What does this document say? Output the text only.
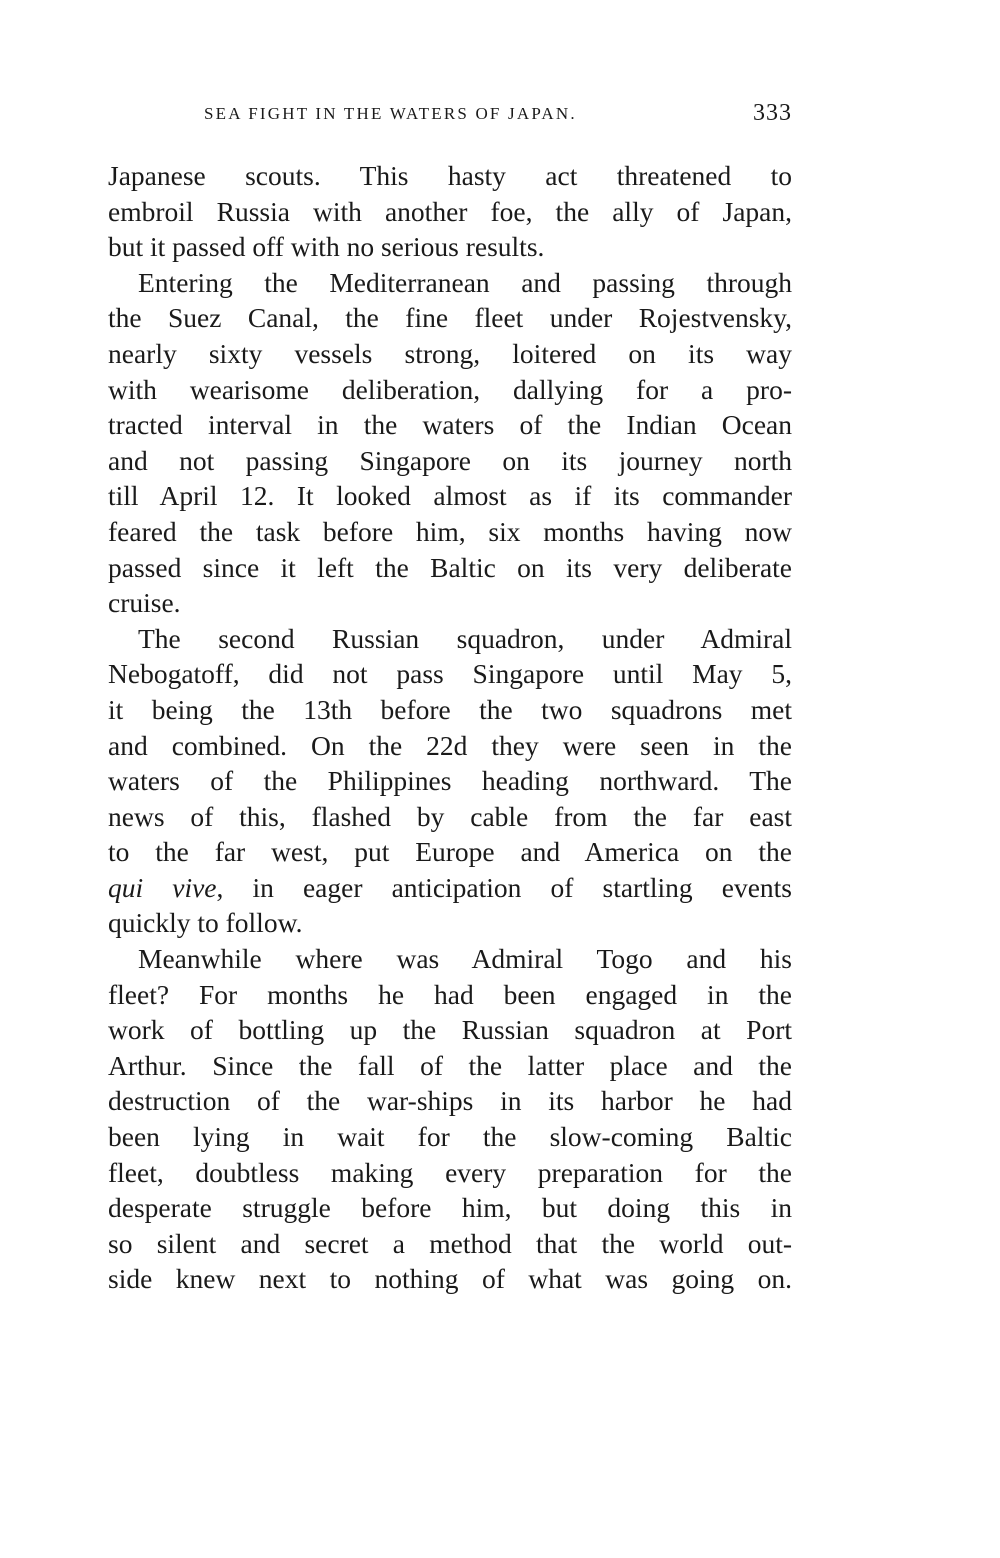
SEA FIGHT IN THE WATERS OF JAPAN.	333

Japanese scouts. This hasty act threatened to
embroil Russia with another foe, the ally of Japan,
but it passed off with no serious results.

Entering the Mediterranean and passing through
the Suez Canal, the fine fleet under Rojestvensky,
nearly sixty vessels strong, loitered on its way
with wearisome deliberation, dallying for a pro-
tracted interval in the waters of the Indian Ocean
and not passing Singapore on its journey north
till April 12. It looked almost as if its commander
feared the task before him, six months having now
passed since it left the Baltic on its very deliberate
cruise.

The second Russian squadron, under Admiral
Nebogatoff, did not pass Singapore until May 5,
it being the 13th before the two squadrons met
and combined. On the 22d they were seen in the
waters of the Philippines heading northward. The
news of this, flashed by cable from the far east
to the far west, put Europe and America on the
qui vive, in eager anticipation of startling events
quickly to follow.

Meanwhile where was Admiral Togo and his
fleet? For months he had been engaged in the
work of bottling up the Russian squadron at Port
Arthur. Since the fall of the latter place and the
destruction of the war-ships in its harbor he had
been lying in wait for the slow-coming Baltic
fleet, doubtless making every preparation for the
desperate struggle before him, but doing this in
so silent and secret a method that the world out-
side knew next to nothing of what was going on.
